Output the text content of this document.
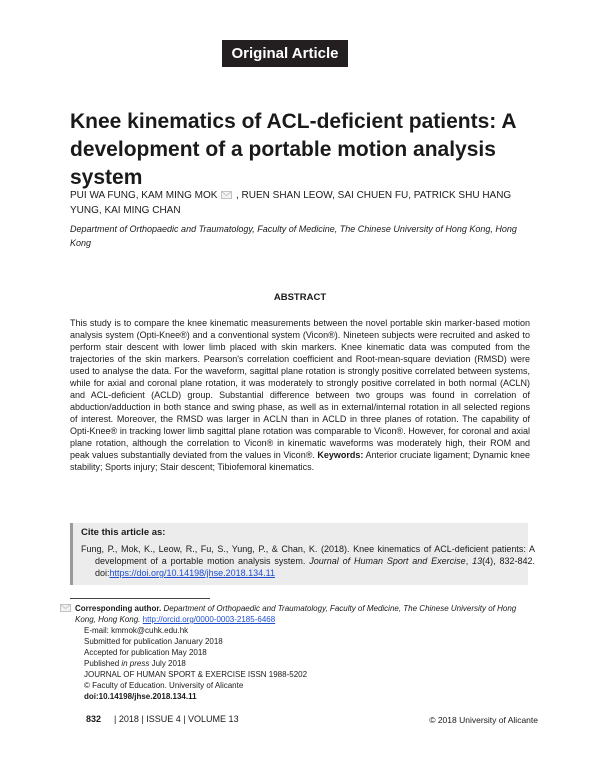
Original Article
Knee kinematics of ACL-deficient patients: A development of a portable motion analysis system
PUI WA FUNG, KAM MING MOK , RUEN SHAN LEOW, SAI CHUEN FU, PATRICK SHU HANG YUNG, KAI MING CHAN
Department of Orthopaedic and Traumatology, Faculty of Medicine, The Chinese University of Hong Kong, Hong Kong
ABSTRACT
This study is to compare the knee kinematic measurements between the novel portable skin marker-based motion analysis system (Opti-Knee®) and a conventional system (Vicon®). Nineteen subjects were recruited and asked to perform stair descent with lower limb placed with skin markers. Knee kinematic data was computed from the trajectories of the skin markers. Pearson's correlation coefficient and Root-mean-square deviation (RMSD) were used to analyse the data. For the waveform, sagittal plane rotation is strongly positive correlated between systems, while for axial and coronal plane rotation, it was moderately to strongly positive correlated in both normal (ACLN) and ACL-deficient (ACLD) group. Substantial difference between two groups was found in correlation of abduction/adduction in both stance and swing phase, as well as in external/internal rotation in all selected regions of interest. Moreover, the RMSD was larger in ACLN than in ACLD in three planes of rotation. The capability of Opti-Knee® in tracking lower limb sagittal plane rotation was comparable to Vicon®. However, for coronal and axial plane rotation, although the correlation to Vicon® in kinematic waveforms was moderately high, their ROM and peak values substantially deviated from the values in Vicon®. Keywords: Anterior cruciate ligament; Dynamic knee stability; Sports injury; Stair descent; Tibiofemoral kinematics.
Cite this article as:
Fung, P., Mok, K., Leow, R., Fu, S., Yung, P., & Chan, K. (2018). Knee kinematics of ACL-deficient patients: A development of a portable motion analysis system. Journal of Human Sport and Exercise, 13(4), 832-842. doi:https://doi.org/10.14198/jhse.2018.134.11
Corresponding author. Department of Orthopaedic and Traumatology, Faculty of Medicine, The Chinese University of Hong Kong, Hong Kong. http://orcid.org/0000-0003-2185-6468
E-mail: kmmok@cuhk.edu.hk
Submitted for publication January 2018
Accepted for publication May 2018
Published in press July 2018
JOURNAL OF HUMAN SPORT & EXERCISE ISSN 1988-5202
© Faculty of Education. University of Alicante
doi:10.14198/jhse.2018.134.11
832 | 2018 | ISSUE 4 | VOLUME 13	© 2018 University of Alicante
